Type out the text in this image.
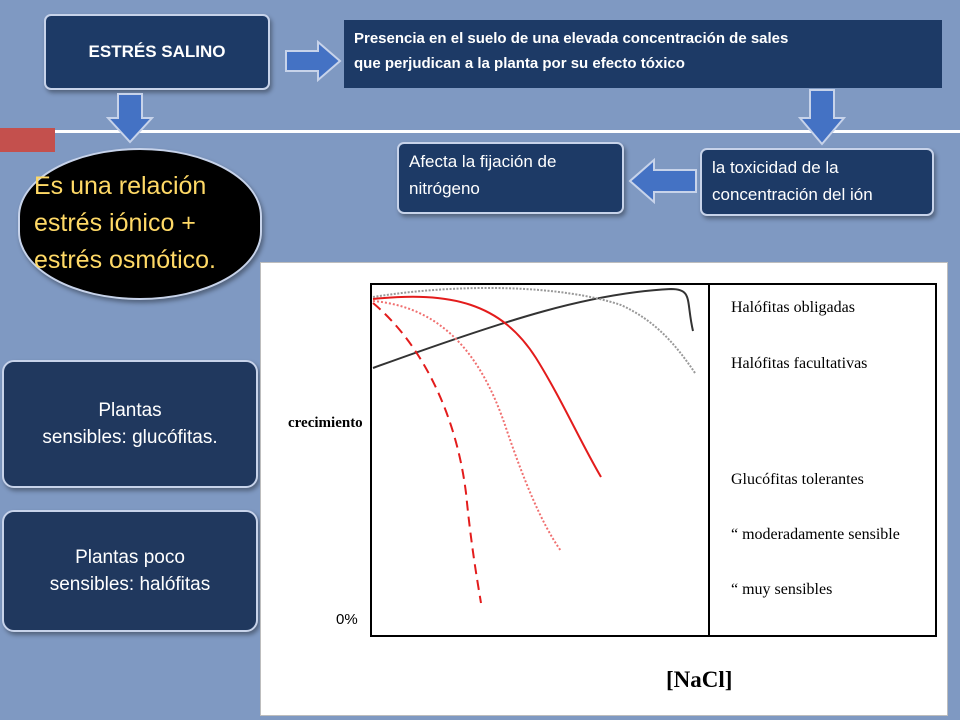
ESTRÉS SALINO
Presencia en el suelo de una elevada concentración de sales
que perjudican a la planta por su efecto tóxico
la toxicidad de la
concentración del ión
Afecta la fijación de
nitrógeno
Es una relación
estrés iónico +
estrés osmótico.
Plantas
sensibles: glucófitas.
Plantas poco
sensibles: halófitas
crecimiento
0%
[NaCl]
Halófitas obligadas
Halófitas facultativas
Glucófitas tolerantes
“ moderadamente sensible
“ muy sensibles
